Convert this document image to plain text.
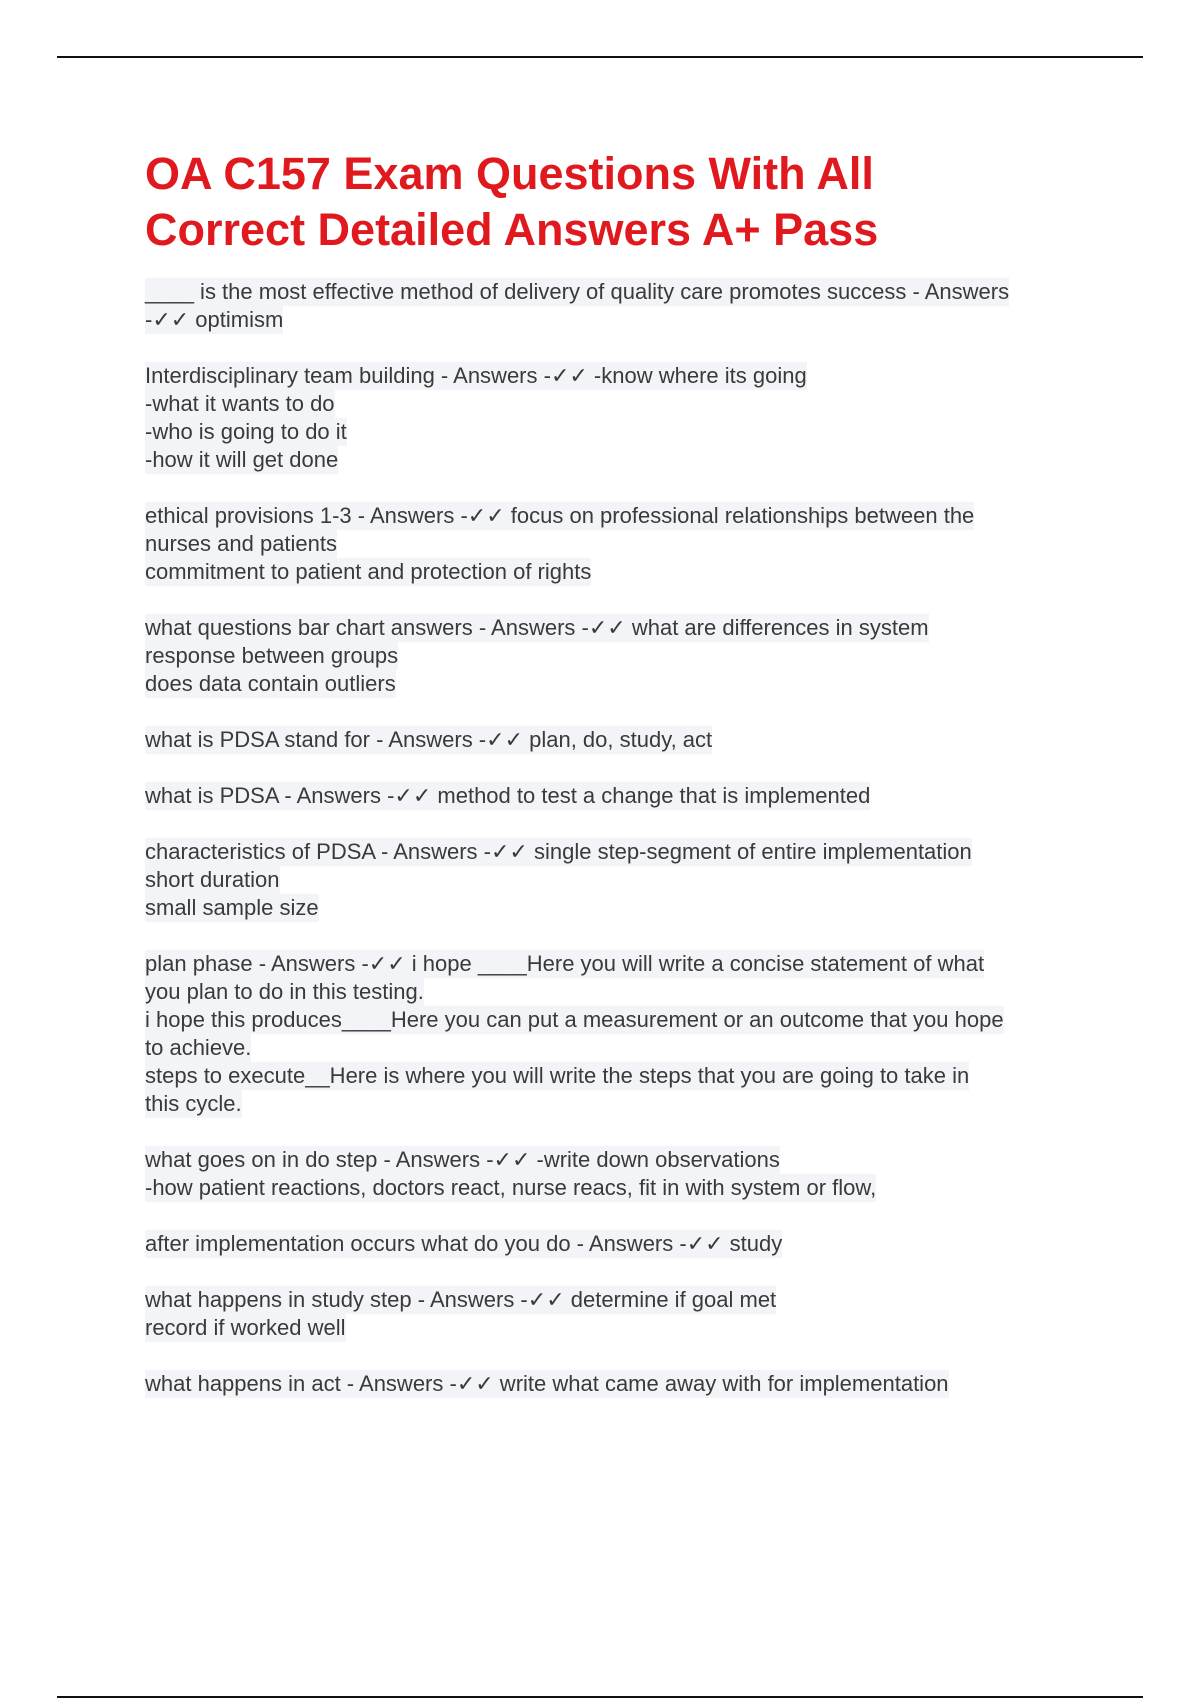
OA C157 Exam Questions With All
Correct Detailed Answers A+ Pass

____ is the most effective method of delivery of quality care promotes success - Answers
-✓✓ optimism

Interdisciplinary team building - Answers -✓✓ -know where its going
-what it wants to do
-who is going to do it
-how it will get done

ethical provisions 1-3 - Answers -✓✓ focus on professional relationships between the
nurses and patients
commitment to patient and protection of rights

what questions bar chart answers - Answers -✓✓ what are differences in system
response between groups
does data contain outliers

what is PDSA stand for - Answers -✓✓ plan, do, study, act

what is PDSA - Answers -✓✓ method to test a change that is implemented

characteristics of PDSA - Answers -✓✓ single step-segment of entire implementation
short duration
small sample size

plan phase - Answers -✓✓ i hope ____Here you will write a concise statement of what
you plan to do in this testing.
i hope this produces____Here you can put a measurement or an outcome that you hope
to achieve.
steps to execute__Here is where you will write the steps that you are going to take in
this cycle.

what goes on in do step - Answers -✓✓ -write down observations
-how patient reactions, doctors react, nurse reacs, fit in with system or flow,

after implementation occurs what do you do - Answers -✓✓ study

what happens in study step - Answers -✓✓ determine if goal met
record if worked well

what happens in act - Answers -✓✓ write what came away with for implementation
